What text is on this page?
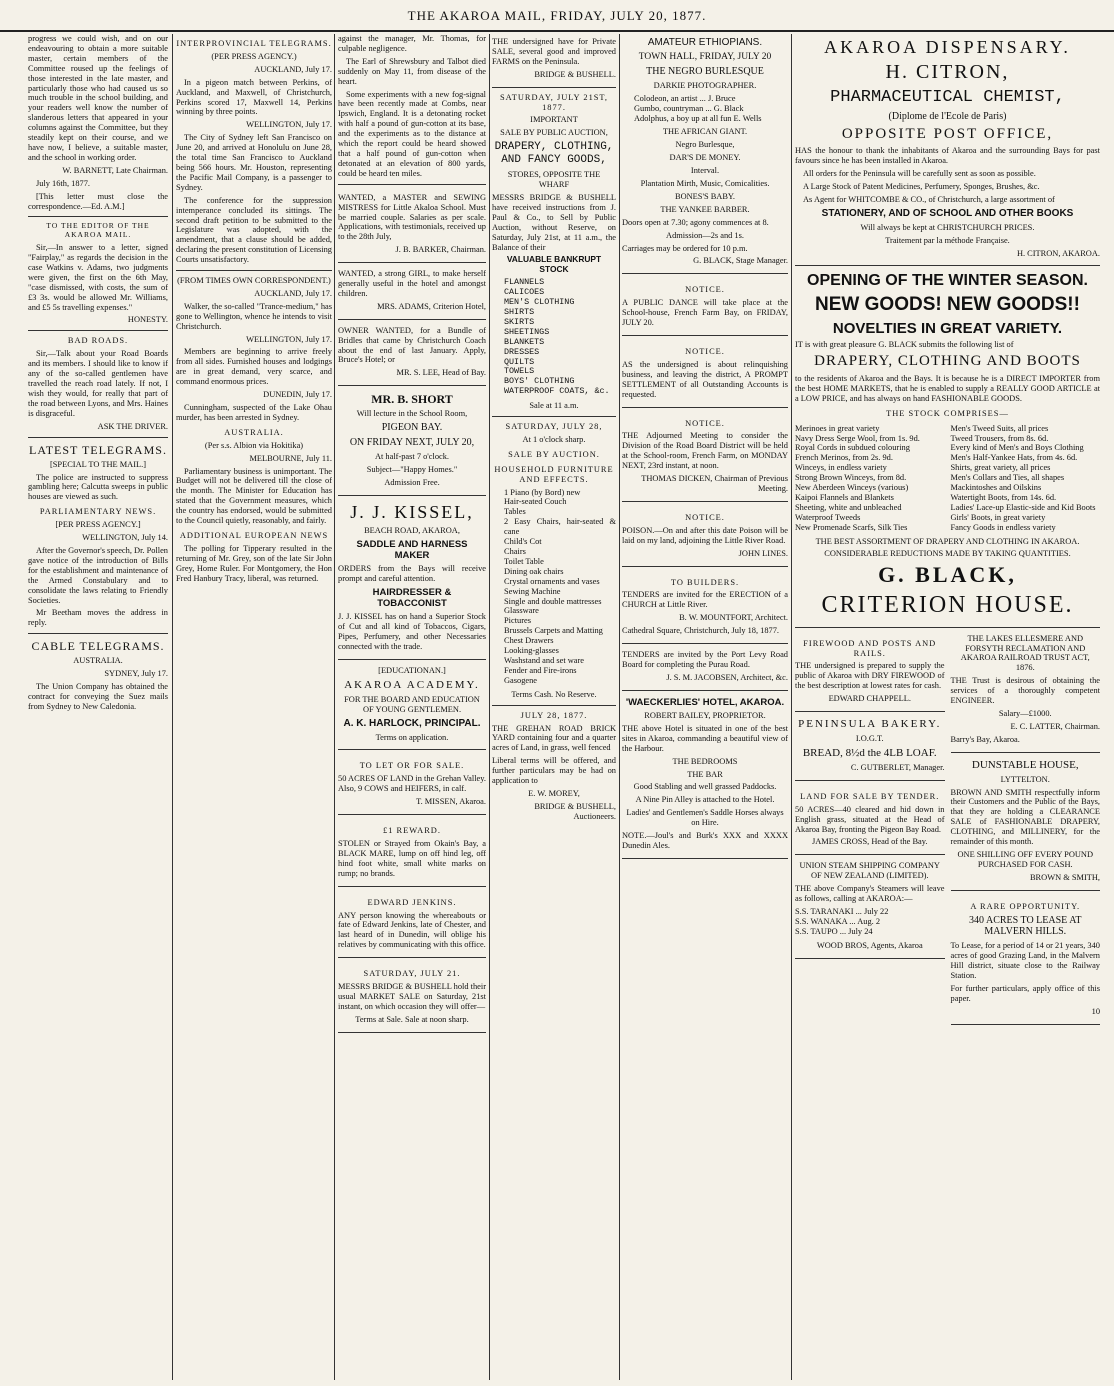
THE AKAROA MAIL, FRIDAY, JULY 20, 1877.

progress we could wish, and on our endeavouring to obtain a more suitable master, certain members of the Committee roused up the feelings of those interested in the late master, and particularly those who had caused us so much trouble in the school building, and your readers well know the number of slanderous letters that appeared in your columns against the Committee, but they steadily kept on their course, and we have now, I believe, a suitable master, and the school in working order.

W. BARNETT, Late Chairman.

July 16th, 1877.

[This letter must close the correspondence.—Ed. A.M.]

TO THE EDITOR OF THE AKAROA MAIL.

Sir,—In answer to a letter, signed "Fairplay," as regards the decision in the case Watkins v. Adams, two judgments were given, the first on the 6th May, "case dismissed, with costs, the sum of £3 3s. would be allowed Mr. Williams, and £5 5s travelling expenses."

HONESTY.

BAD ROADS.

Sir,—Talk about your Road Boards and its members. I should like to know if any of the so-called gentlemen have travelled the reach road lately. If not, I wish they would, for really that part of the road between Lyons, and Mrs. Haines is disgraceful.

ASK THE DRIVER.

LATEST TELEGRAMS.

[SPECIAL TO THE MAIL.]

The police are instructed to suppress gambling here; Calcutta sweeps in public houses are viewed as such.

PARLIAMENTARY NEWS.

[PER PRESS AGENCY.]

WELLINGTON, July 14.

After the Governor's speech, Dr. Pollen gave notice of the introduction of Bills for the establishment and maintenance of the Armed Constabulary and to consolidate the laws relating to Friendly Societies.

Mr Beetham moves the address in reply.

CABLE TELEGRAMS.

AUSTRALIA.

SYDNEY, July 17.

The Union Company has obtained the contract for conveying the Suez mails from Sydney to New Caledonia.

INTERPROVINCIAL TELEGRAMS.

(PER PRESS AGENCY.)

AUCKLAND, July 17.

In a pigeon match between Perkins, of Auckland, and Maxwell, of Christchurch, Perkins scored 17, Maxwell 14, Perkins winning by three points.

WELLINGTON, July 17.

The City of Sydney left San Francisco on June 20, and arrived at Honolulu on June 28, the total time San Francisco to Auckland being 566 hours. Mr. Houston, representing the Pacific Mail Company, is a passenger to Sydney.

The conference for the suppression intemperance concluded its sittings. The second draft petition to be submitted to the Legislature was adopted, with the amendment, that a clause should be added, declaring the present constitution of Licensing Courts unsatisfactory.

(FROM TIMES OWN CORRESPONDENT.)

AUCKLAND, July 17.

Walker, the so-called "Trance-medium," has gone to Wellington, whence he intends to visit Christchurch.

WELLINGTON, July 17.

Members are beginning to arrive freely from all sides. Furnished houses and lodgings are in great demand, very scarce, and command enormous prices.

DUNEDIN, July 17.

Cunningham, suspected of the Lake Ohau murder, has been arrested in Sydney.

AUSTRALIA.

(Per s.s. Albion via Hokitika)

MELBOURNE, July 11.

Parliamentary business is unimportant. The Budget will not be delivered till the close of the month. The Minister for Education has stated that the Government measures, which the country has endorsed, would be submitted to the Council quietly, reasonably, and fairly.

ADDITIONAL EUROPEAN NEWS

The polling for Tipperary resulted in the returning of Mr. Grey, son of the late Sir John Grey, Home Ruler. For Montgomery, the Hon Fred Hanbury Tracy, liberal, was returned.

against the manager, Mr. Thomas, for culpable negligence.

The Earl of Shrewsbury and Talbot died suddenly on May 11, from disease of the heart.

Some experiments with a new fog-signal have been recently made at Combs, near Ipswich, England. It is a detonating rocket with half a pound of gun-cotton at its base, and the experiments as to the distance at which the report could be heard showed that a half pound of gun-cotton when detonated at an elevation of 800 yards, could be heard ten miles.

WANTED, a MASTER and SEWING MISTRESS for Little Akaloa School. Must be married couple. Salaries as per scale. Applications, with testimonials, received up to the 28th July,

J. B. BARKER, Chairman.

WANTED, a strong GIRL, to make herself generally useful in the hotel and amongst children.

MRS. ADAMS, Criterion Hotel,

OWNER WANTED, for a Bundle of Bridles that came by Christchurch Coach about the end of last January. Apply, Bruce's Hotel; or

MR. S. LEE, Head of Bay.

MR. B. SHORT

Will lecture in the School Room,

PIGEON BAY.

ON FRIDAY NEXT, JULY 20,

At half-past 7 o'clock.

Subject—"Happy Homes."

Admission Free.

J. J. KISSEL,

BEACH ROAD, AKAROA,

SADDLE AND HARNESS MAKER

ORDERS from the Bays will receive prompt and careful attention.

HAIRDRESSER & TOBACCONIST

J. J. KISSEL has on hand a Superior Stock of Cut and all kind of Tobaccos, Cigars, Pipes, Perfumery, and other Necessaries connected with the trade.

[EDUCATIONAN.]

AKAROA ACADEMY.

FOR THE BOARD AND EDUCATION OF YOUNG GENTLEMEN.

A. K. HARLOCK, PRINCIPAL.

Terms on application.

TO LET OR FOR SALE.

50 ACRES OF LAND in the Grehan Valley. Also, 9 COWS and HEIFERS, in calf.

T. MISSEN, Akaroa.

£1 REWARD.

STOLEN or Strayed from Okain's Bay, a BLACK MARE, lump on off hind leg, off hind foot white, small white marks on rump; no brands.

EDWARD JENKINS.

ANY person knowing the whereabouts or fate of Edward Jenkins, late of Chester, and last heard of in Dunedin, will oblige his relatives by communicating with this office.

SATURDAY, JULY 21.

MESSRS BRIDGE & BUSHELL hold their usual MARKET SALE on Saturday, 21st instant, on which occasion they will offer—

Terms at Sale. Sale at noon sharp.

THE undersigned have for Private SALE, several good and improved FARMS on the Peninsula.

BRIDGE & BUSHELL.

SATURDAY, JULY 21ST, 1877.

IMPORTANT

SALE BY PUBLIC AUCTION,

DRAPERY, CLOTHING, AND FANCY GOODS,

STORES, OPPOSITE THE WHARF

MESSRS BRIDGE & BUSHELL have received instructions from J. Paul & Co., to Sell by Public Auction, without Reserve, on Saturday, July 21st, at 11 a.m., the Balance of their

VALUABLE BANKRUPT STOCK

FLANNELS
CALICOES
MEN'S CLOTHING
SHIRTS
SKIRTS
SHEETINGS
BLANKETS
DRESSES
QUILTS
TOWELS
BOYS' CLOTHING
WATERPROOF COATS, &c.

Sale at 11 a.m.

SATURDAY, JULY 28,

At 1 o'clock sharp.

SALE BY AUCTION.

HOUSEHOLD FURNITURE AND EFFECTS.

1 Piano (by Bord) new
Hair-seated Couch
Tables
2 Easy Chairs, hair-seated & cane
Child's Cot
Chairs
Toilet Table
Dining oak chairs
Crystal ornaments and vases
Sewing Machine
Single and double mattresses
Glassware
Pictures
Brussels Carpets and Matting
Chest Drawers
Looking-glasses
Washstand and set ware
Fender and Fire-irons
Gasogene

Terms Cash. No Reserve.

JULY 28, 1877.

THE GREHAN ROAD BRICK YARD containing four and a quarter acres of Land, in grass, well fenced

Liberal terms will be offered, and further particulars may be had on application to

E. W. MOREY,

BRIDGE & BUSHELL, Auctioneers.

AMATEUR ETHIOPIANS.

TOWN HALL, FRIDAY, JULY 20

THE NEGRO BURLESQUE

DARKIE PHOTOGRAPHER.

Colodeon, an artist ... J. Bruce
Gumbo, countryman ... G. Black
Adolphus, a boy up at all fun E. Wells

THE AFRICAN GIANT.

Negro Burlesque,

DAR'S DE MONEY.

Interval.

Plantation Mirth, Music, Comicalities.

BONES'S BABY.

THE YANKEE BARBER.

Doors open at 7.30; agony commences at 8.

Admission—2s and 1s.

Carriages may be ordered for 10 p.m.

G. BLACK, Stage Manager.

NOTICE.

A PUBLIC DANCE will take place at the School-house, French Farm Bay, on FRIDAY, JULY 20.

NOTICE.

AS the undersigned is about relinquishing business, and leaving the district, A PROMPT SETTLEMENT of all Outstanding Accounts is requested.

NOTICE.

THE Adjourned Meeting to consider the Division of the Road Board District will be held at the School-room, French Farm, on MONDAY NEXT, 23rd instant, at noon.

THOMAS DICKEN, Chairman of Previous Meeting.

NOTICE.

POISON.—On and after this date Poison will be laid on my land, adjoining the Little River Road.

JOHN LINES.

TO BUILDERS.

TENDERS are invited for the ERECTION of a CHURCH at Little River.

B. W. MOUNTFORT, Architect.

Cathedral Square, Christchurch, July 18, 1877.

TENDERS are invited by the Port Levy Road Board for completing the Purau Road.

J. S. M. JACOBSEN, Architect, &c.

'WAECKERLIES' HOTEL, AKAROA.

ROBERT BAILEY, PROPRIETOR.

THE above Hotel is situated in one of the best sites in Akaroa, commanding a beautiful view of the Harbour.

THE BEDROOMS

THE BAR

Good Stabling and well grassed Paddocks.

A Nine Pin Alley is attached to the Hotel.

Ladies' and Gentlemen's Saddle Horses always on Hire.

NOTE.—Joul's and Burk's XXX and XXXX Dunedin Ales.

AKAROA DISPENSARY.

H. CITRON,

PHARMACEUTICAL CHEMIST,

(Diplome de l'Ecole de Paris)

OPPOSITE POST OFFICE,

HAS the honour to thank the inhabitants of Akaroa and the surrounding Bays for past favours since he has been installed in Akaroa.

All orders for the Peninsula will be carefully sent as soon as possible.

A Large Stock of Patent Medicines, Perfumery, Sponges, Brushes, &c.

As Agent for WHITCOMBE & CO., of Christchurch, a large assortment of

STATIONERY, AND OF SCHOOL AND OTHER BOOKS

Will always be kept at CHRISTCHURCH PRICES.

Traitement par la méthode Française.

H. CITRON, AKAROA.

OPENING OF THE WINTER SEASON.

NEW GOODS! NEW GOODS!!

NOVELTIES IN GREAT VARIETY.

IT is with great pleasure G. BLACK submits the following list of

DRAPERY, CLOTHING AND BOOTS

to the residents of Akaroa and the Bays. It is because he is a DIRECT IMPORTER from the best HOME MARKETS, that he is enabled to supply a REALLY GOOD ARTICLE at a LOW PRICE, and has always on hand FASHIONABLE GOODS.

THE STOCK COMPRISES—

Merinoes in great variety
Navy Dress Serge Wool, from 1s. 9d.
Royal Cords in subdued colouring
French Merinos, from 2s. 9d.
Winceys, in endless variety
Strong Brown Winceys, from 8d.
New Aberdeen Winceys (various)
Kaipoi Flannels and Blankets
Sheeting, white and unbleached
Waterproof Tweeds
New Promenade Scarfs, Silk Ties
Men's Tweed Suits, all prices
Tweed Trousers, from 8s. 6d.
Every kind of Men's and Boys Clothing
Men's Half-Yankee Hats, from 4s. 6d.
Shirts, great variety, all prices
Men's Collars and Ties, all shapes
Mackintoshes and Oilskins
Watertight Boots, from 14s. 6d.
Ladies' Lace-up Elastic-side and Kid Boots
Girls' Boots, in great variety
Fancy Goods in endless variety

THE BEST ASSORTMENT OF DRAPERY AND CLOTHING IN AKAROA.

CONSIDERABLE REDUCTIONS MADE BY TAKING QUANTITIES.

G. BLACK,

CRITERION HOUSE.

FIREWOOD AND POSTS AND RAILS.

THE undersigned is prepared to supply the public of Akaroa with DRY FIREWOOD of the best description at lowest rates for cash.

EDWARD CHAPPELL.

PENINSULA BAKERY.

I.O.G.T.

BREAD, 8½d the 4LB LOAF.

C. GUTBERLET, Manager.

LAND FOR SALE BY TENDER.

50 ACRES—40 cleared and hid down in English grass, situated at the Head of Akaroa Bay, fronting the Pigeon Bay Road.

JAMES CROSS, Head of the Bay.

UNION STEAM SHIPPING COMPANY OF NEW ZEALAND (LIMITED).

THE above Company's Steamers will leave as follows, calling at AKAROA:—

S.S. TARANAKI ... July 22
S.S. WANAKA ... Aug. 2
S.S. TAUPO ... July 24

WOOD BROS, Agents, Akaroa

THE LAKES ELLESMERE AND FORSYTH RECLAMATION AND AKAROA RAILROAD TRUST ACT, 1876.

THE Trust is desirous of obtaining the services of a thoroughly competent ENGINEER.

Salary—£1000.

E. C. LATTER, Chairman.

Barry's Bay, Akaroa.

DUNSTABLE HOUSE,

LYTTELTON.

BROWN AND SMITH respectfully inform their Customers and the Public of the Bays, that they are holding a CLEARANCE SALE of FASHIONABLE DRAPERY, CLOTHING, and MILLINERY, for the remainder of this month.

ONE SHILLING OFF EVERY POUND PURCHASED FOR CASH.

BROWN & SMITH,

A RARE OPPORTUNITY.

340 ACRES TO LEASE AT MALVERN HILLS.

To Lease, for a period of 14 or 21 years, 340 acres of good Grazing Land, in the Malvern Hill district, situate close to the Railway Station.

For further particulars, apply office of this paper.

10
